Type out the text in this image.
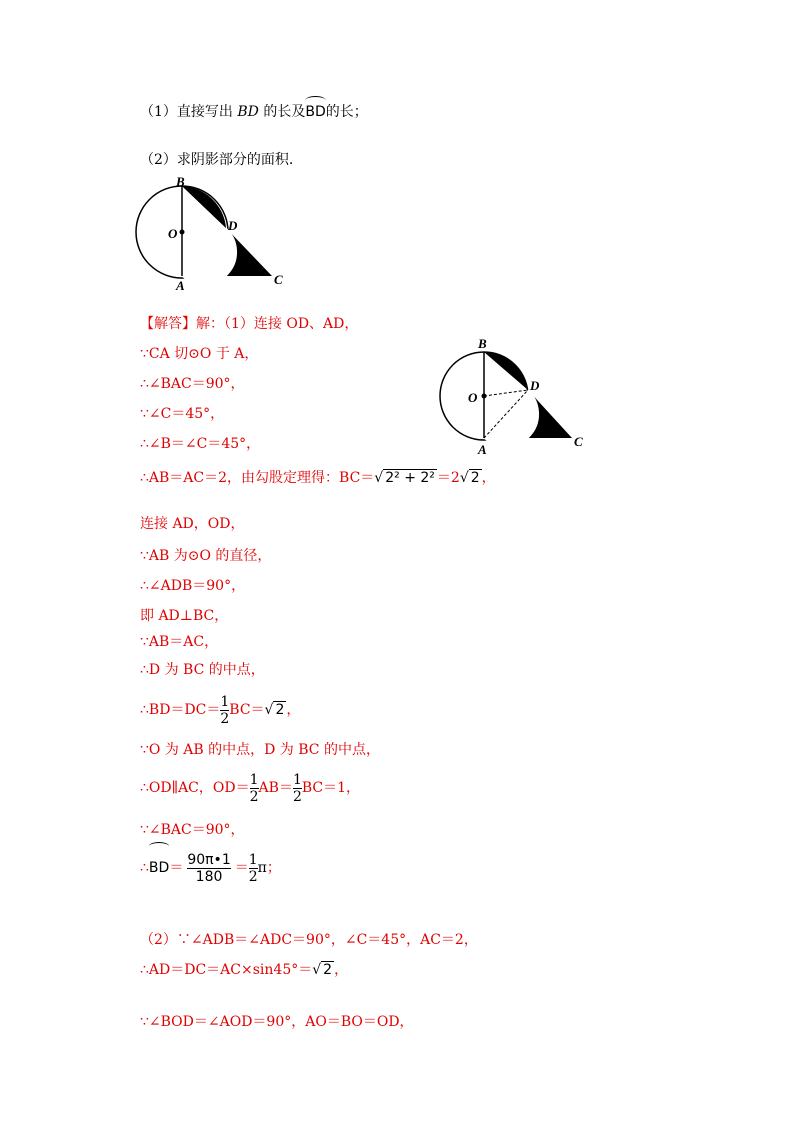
（1）直接写出 BD 的长及BD的长；
（2）求阴影部分的面积.
B
O
D
A	C
【解答】解：（1）连接 OD、AD，
∵CA 切⊙O 于 A，
∴∠BAC＝90°，
∵∠C＝45°，
∴∠B＝∠C＝45°，
B
O
D
A
C
∴AB＝AC＝2，由勾股定理得：BC＝√ 2² + 2² ＝2√ 2 ，
连接 AD，OD，
∵AB 为⊙O 的直径，
∴∠ADB＝90°，
即 AD⊥BC，
∵AB＝AC，
∴D 为 BC 的中点，
∴BD＝DC＝ $\frac{1}{2} BC=√$ 2 ，
∵O 为 AB 的中点，D 为 BC 的中点，
∴OD∥AC，$OD= \frac{1}{2} AB= \frac{1}{2} BC=1$，
∵∠BAC＝90°，
∴BD＝ $\frac{90\pi•1}{180} = \frac{1}{2}$ π；
（2）∵∠ADB＝∠ADC＝90°，∠C＝45°，AC＝2，
∴AD＝DC＝AC×sin45°＝√ 2 ，
∵∠BOD＝∠AOD＝90°，AO＝BO＝OD，
